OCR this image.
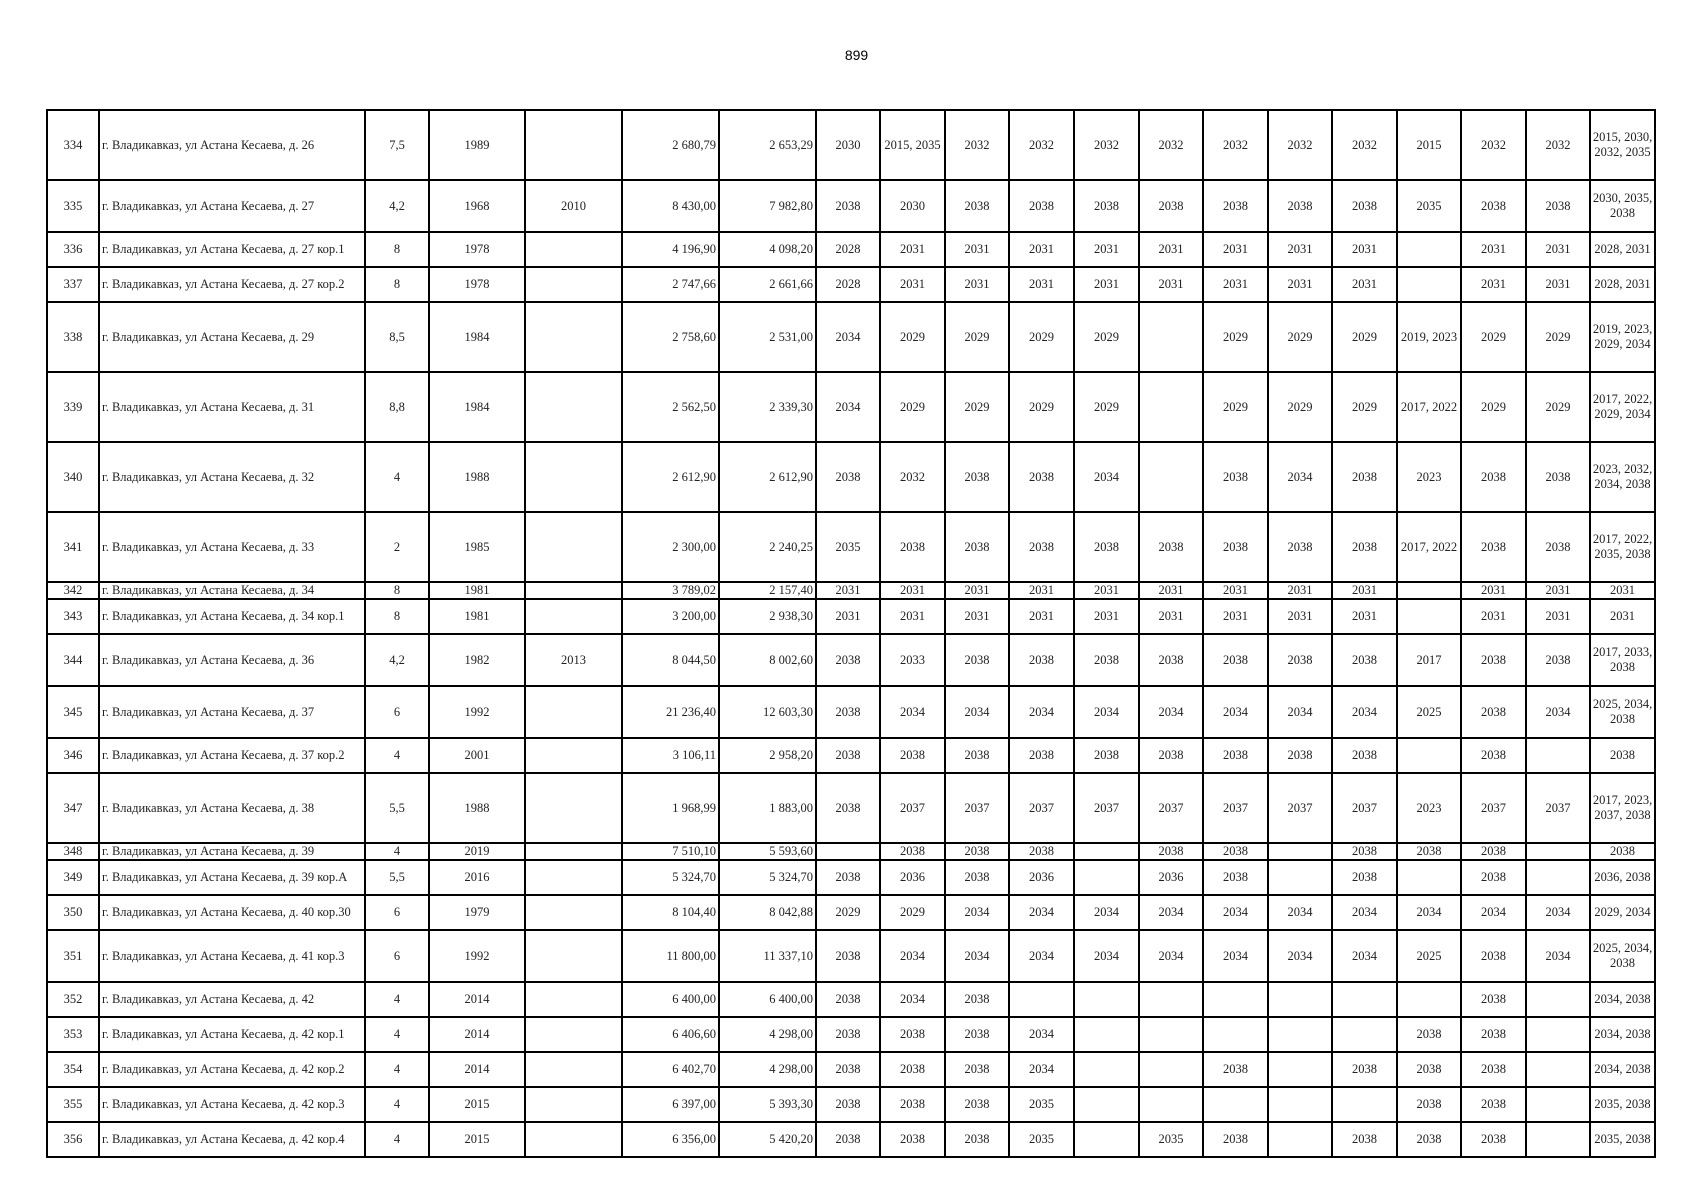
899
334	г. Владикавказ, ул Астана Кесаева, д. 26	7,5	1989		2 680,79	2 653,29	2030	2015, 2035	2032	2032	2032	2032	2032	2032	2032	2015	2032	2032	2015, 2030, 2032, 2035
335	г. Владикавказ, ул Астана Кесаева, д. 27	4,2	1968	2010	8 430,00	7 982,80	2038	2030	2038	2038	2038	2038	2038	2038	2038	2035	2038	2038	2030, 2035, 2038
336	г. Владикавказ, ул Астана Кесаева, д. 27 кор.1	8	1978		4 196,90	4 098,20	2028	2031	2031	2031	2031	2031	2031	2031	2031		2031	2031	2028, 2031
337	г. Владикавказ, ул Астана Кесаева, д. 27 кор.2	8	1978		2 747,66	2 661,66	2028	2031	2031	2031	2031	2031	2031	2031	2031		2031	2031	2028, 2031
338	г. Владикавказ, ул Астана Кесаева, д. 29	8,5	1984		2 758,60	2 531,00	2034	2029	2029	2029	2029		2029	2029	2029	2019, 2023	2029	2029	2019, 2023, 2029, 2034
339	г. Владикавказ, ул Астана Кесаева, д. 31	8,8	1984		2 562,50	2 339,30	2034	2029	2029	2029	2029		2029	2029	2029	2017, 2022	2029	2029	2017, 2022, 2029, 2034
340	г. Владикавказ, ул Астана Кесаева, д. 32	4	1988		2 612,90	2 612,90	2038	2032	2038	2038	2034		2038	2034	2038	2023	2038	2038	2023, 2032, 2034, 2038
341	г. Владикавказ, ул Астана Кесаева, д. 33	2	1985		2 300,00	2 240,25	2035	2038	2038	2038	2038	2038	2038	2038	2038	2017, 2022	2038	2038	2017, 2022, 2035, 2038
342	г. Владикавказ, ул Астана Кесаева, д. 34	8	1981		3 789,02	2 157,40	2031	2031	2031	2031	2031	2031	2031	2031	2031		2031	2031	2031
343	г. Владикавказ, ул Астана Кесаева, д. 34 кор.1	8	1981		3 200,00	2 938,30	2031	2031	2031	2031	2031	2031	2031	2031	2031		2031	2031	2031
344	г. Владикавказ, ул Астана Кесаева, д. 36	4,2	1982	2013	8 044,50	8 002,60	2038	2033	2038	2038	2038	2038	2038	2038	2038	2017	2038	2038	2017, 2033, 2038
345	г. Владикавказ, ул Астана Кесаева, д. 37	6	1992		21 236,40	12 603,30	2038	2034	2034	2034	2034	2034	2034	2034	2034	2025	2038	2034	2025, 2034, 2038
346	г. Владикавказ, ул Астана Кесаева, д. 37 кор.2	4	2001		3 106,11	2 958,20	2038	2038	2038	2038	2038	2038	2038	2038	2038		2038		2038
347	г. Владикавказ, ул Астана Кесаева, д. 38	5,5	1988		1 968,99	1 883,00	2038	2037	2037	2037	2037	2037	2037	2037	2037	2023	2037	2037	2017, 2023, 2037, 2038
348	г. Владикавказ, ул Астана Кесаева, д. 39	4	2019		7 510,10	5 593,60		2038	2038	2038		2038	2038		2038	2038	2038		2038
349	г. Владикавказ, ул Астана Кесаева, д. 39 кор.А	5,5	2016		5 324,70	5 324,70	2038	2036	2038	2036		2036	2038		2038		2038		2036, 2038
350	г. Владикавказ, ул Астана Кесаева, д. 40 кор.30	6	1979		8 104,40	8 042,88	2029	2029	2034	2034	2034	2034	2034	2034	2034	2034	2034	2034	2029, 2034
351	г. Владикавказ, ул Астана Кесаева, д. 41 кор.3	6	1992		11 800,00	11 337,10	2038	2034	2034	2034	2034	2034	2034	2034	2034	2025	2038	2034	2025, 2034, 2038
352	г. Владикавказ, ул Астана Кесаева, д. 42	4	2014		6 400,00	6 400,00	2038	2034	2038								2038		2034, 2038
353	г. Владикавказ, ул Астана Кесаева, д. 42 кор.1	4	2014		6 406,60	4 298,00	2038	2038	2038	2034						2038	2038		2034, 2038
354	г. Владикавказ, ул Астана Кесаева, д. 42 кор.2	4	2014		6 402,70	4 298,00	2038	2038	2038	2034			2038		2038	2038	2038		2034, 2038
355	г. Владикавказ, ул Астана Кесаева, д. 42 кор.3	4	2015		6 397,00	5 393,30	2038	2038	2038	2035						2038	2038		2035, 2038
356	г. Владикавказ, ул Астана Кесаева, д. 42 кор.4	4	2015		6 356,00	5 420,20	2038	2038	2038	2035		2035	2038		2038	2038	2038		2035, 2038
